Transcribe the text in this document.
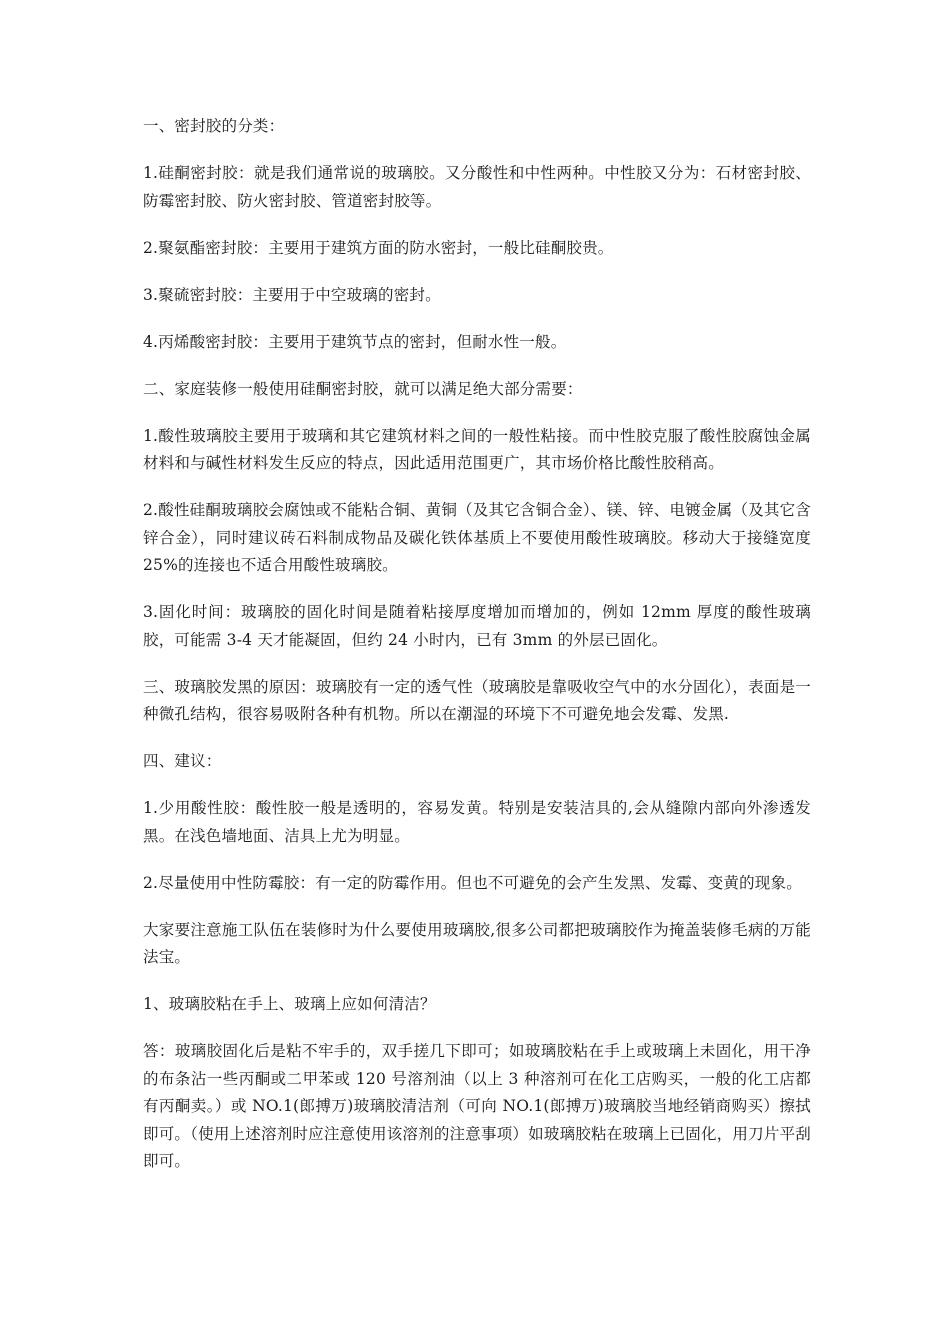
一、密封胶的分类：

1.硅酮密封胶：就是我们通常说的玻璃胶。又分酸性和中性两种。中性胶又分为：石材密封胶、防霉密封胶、防火密封胶、管道密封胶等。

2.聚氨酯密封胶：主要用于建筑方面的防水密封，一般比硅酮胶贵。

3.聚硫密封胶：主要用于中空玻璃的密封。

4.丙烯酸密封胶：主要用于建筑节点的密封，但耐水性一般。

二、家庭装修一般使用硅酮密封胶，就可以满足绝大部分需要：

1.酸性玻璃胶主要用于玻璃和其它建筑材料之间的一般性粘接。而中性胶克服了酸性胶腐蚀金属材料和与碱性材料发生反应的特点，因此适用范围更广，其市场价格比酸性胶稍高。

2.酸性硅酮玻璃胶会腐蚀或不能粘合铜、黄铜（及其它含铜合金）、镁、锌、电镀金属（及其它含锌合金），同时建议砖石料制成物品及碳化铁体基质上不要使用酸性玻璃胶。移动大于接缝宽度 25%的连接也不适合用酸性玻璃胶。

3.固化时间：玻璃胶的固化时间是随着粘接厚度增加而增加的，例如 12mm 厚度的酸性玻璃胶，可能需 3-4 天才能凝固，但约 24 小时内，已有 3mm 的外层已固化。

三、玻璃胶发黑的原因：玻璃胶有一定的透气性（玻璃胶是靠吸收空气中的水分固化），表面是一种微孔结构，很容易吸附各种有机物。所以在潮湿的环境下不可避免地会发霉、发黑.

四、建议：

1.少用酸性胶：酸性胶一般是透明的，容易发黄。特别是安装洁具的,会从缝隙内部向外渗透发黑。在浅色墙地面、洁具上尤为明显。

2.尽量使用中性防霉胶：有一定的防霉作用。但也不可避免的会产生发黑、发霉、变黄的现象。

大家要注意施工队伍在装修时为什么要使用玻璃胶,很多公司都把玻璃胶作为掩盖装修毛病的万能法宝。

1、玻璃胶粘在手上、玻璃上应如何清洁？

答：玻璃胶固化后是粘不牢手的，双手搓几下即可；如玻璃胶粘在手上或玻璃上未固化，用干净的布条沾一些丙酮或二甲苯或 120 号溶剂油（以上 3 种溶剂可在化工店购买，一般的化工店都有丙酮卖。）或 NO.1(郎搏万)玻璃胶清洁剂（可向 NO.1(郎搏万)玻璃胶当地经销商购买）擦拭即可。（使用上述溶剂时应注意使用该溶剂的注意事项）如玻璃胶粘在玻璃上已固化，用刀片平刮即可。
